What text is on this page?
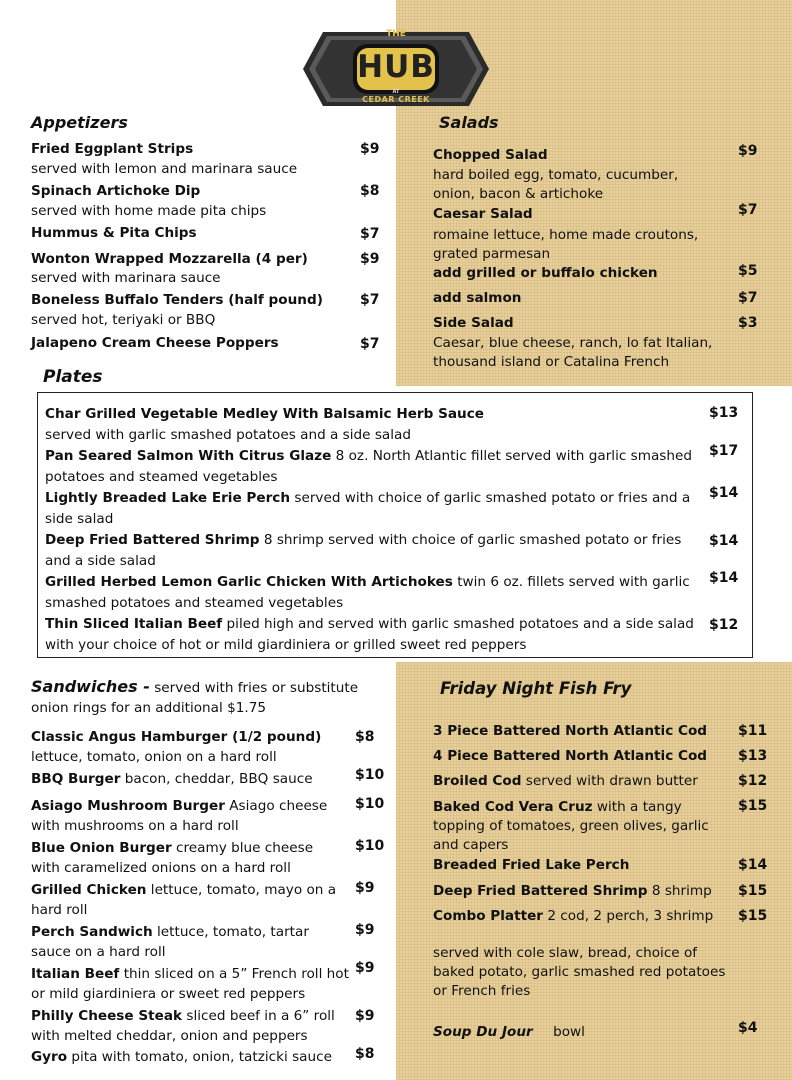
THE
HUB
AT
CEDAR CREEK
Appetizers
Fried Eggplant Strips	$9
served with lemon and marinara sauce
Spinach Artichoke Dip	$8
served with home made pita chips
Hummus & Pita Chips	$7
Wonton Wrapped Mozzarella (4 per)	$9
served with marinara sauce
Boneless Buffalo Tenders (half pound)	$7
served hot, teriyaki or BBQ
Jalapeno Cream Cheese Poppers	$7
Salads
Chopped Salad	$9
hard boiled egg, tomato, cucumber, onion, bacon & artichoke
Caesar Salad	$7
romaine lettuce, home made croutons, grated parmesan
add grilled or buffalo chicken	$5
add salmon	$7
Side Salad	$3
Caesar, blue cheese, ranch, lo fat Italian, thousand island or Catalina French
Plates
Char Grilled Vegetable Medley With Balsamic Herb Sauce
served with garlic smashed potatoes and a side salad
$13
Pan Seared Salmon With Citrus Glaze 8 oz. North Atlantic fillet served with garlic smashed potatoes and steamed vegetables
$17
Lightly Breaded Lake Erie Perch served with choice of garlic smashed potato or fries and a side salad
$14
Deep Fried Battered Shrimp 8 shrimp served with choice of garlic smashed potato or fries and a side salad
$14
Grilled Herbed Lemon Garlic Chicken With Artichokes twin 6 oz. fillets served with garlic smashed potatoes and steamed vegetables
$14
Thin Sliced Italian Beef piled high and served with garlic smashed potatoes and a side salad with your choice of hot or mild giardiniera or grilled sweet red peppers
$12
Sandwiches - served with fries or substitute onion rings for an additional $1.75
Classic Angus Hamburger (1/2 pound) $8
lettuce, tomato, onion on a hard roll
BBQ Burger bacon, cheddar, BBQ sauce	$10
Asiago Mushroom Burger Asiago cheese with mushrooms on a hard roll
$10
Blue Onion Burger creamy blue cheese with caramelized onions on a hard roll
$10
Grilled Chicken lettuce, tomato, mayo on a hard roll
$9
Perch Sandwich lettuce, tomato, tartar sauce on a hard roll
$9
Italian Beef thin sliced on a 5” French roll hot or mild giardiniera or sweet red peppers
$9
Philly Cheese Steak sliced beef in a 6” roll with melted cheddar, onion and peppers
$9
Gyro pita with tomato, onion, tatzicki sauce	$8
Friday Night Fish Fry
3 Piece Battered North Atlantic Cod $11
4 Piece Battered North Atlantic Cod $13
Broiled Cod served with drawn butter	$12
Baked Cod Vera Cruz with a tangy topping of tomatoes, green olives, garlic and capers
$15
Breaded Fried Lake Perch	$14
Deep Fried Battered Shrimp 8 shrimp $15
Combo Platter 2 cod, 2 perch, 3 shrimp $15
served with cole slaw, bread, choice of baked potato, garlic smashed red potatoes or French fries
Soup Du Jour bowl	$4
